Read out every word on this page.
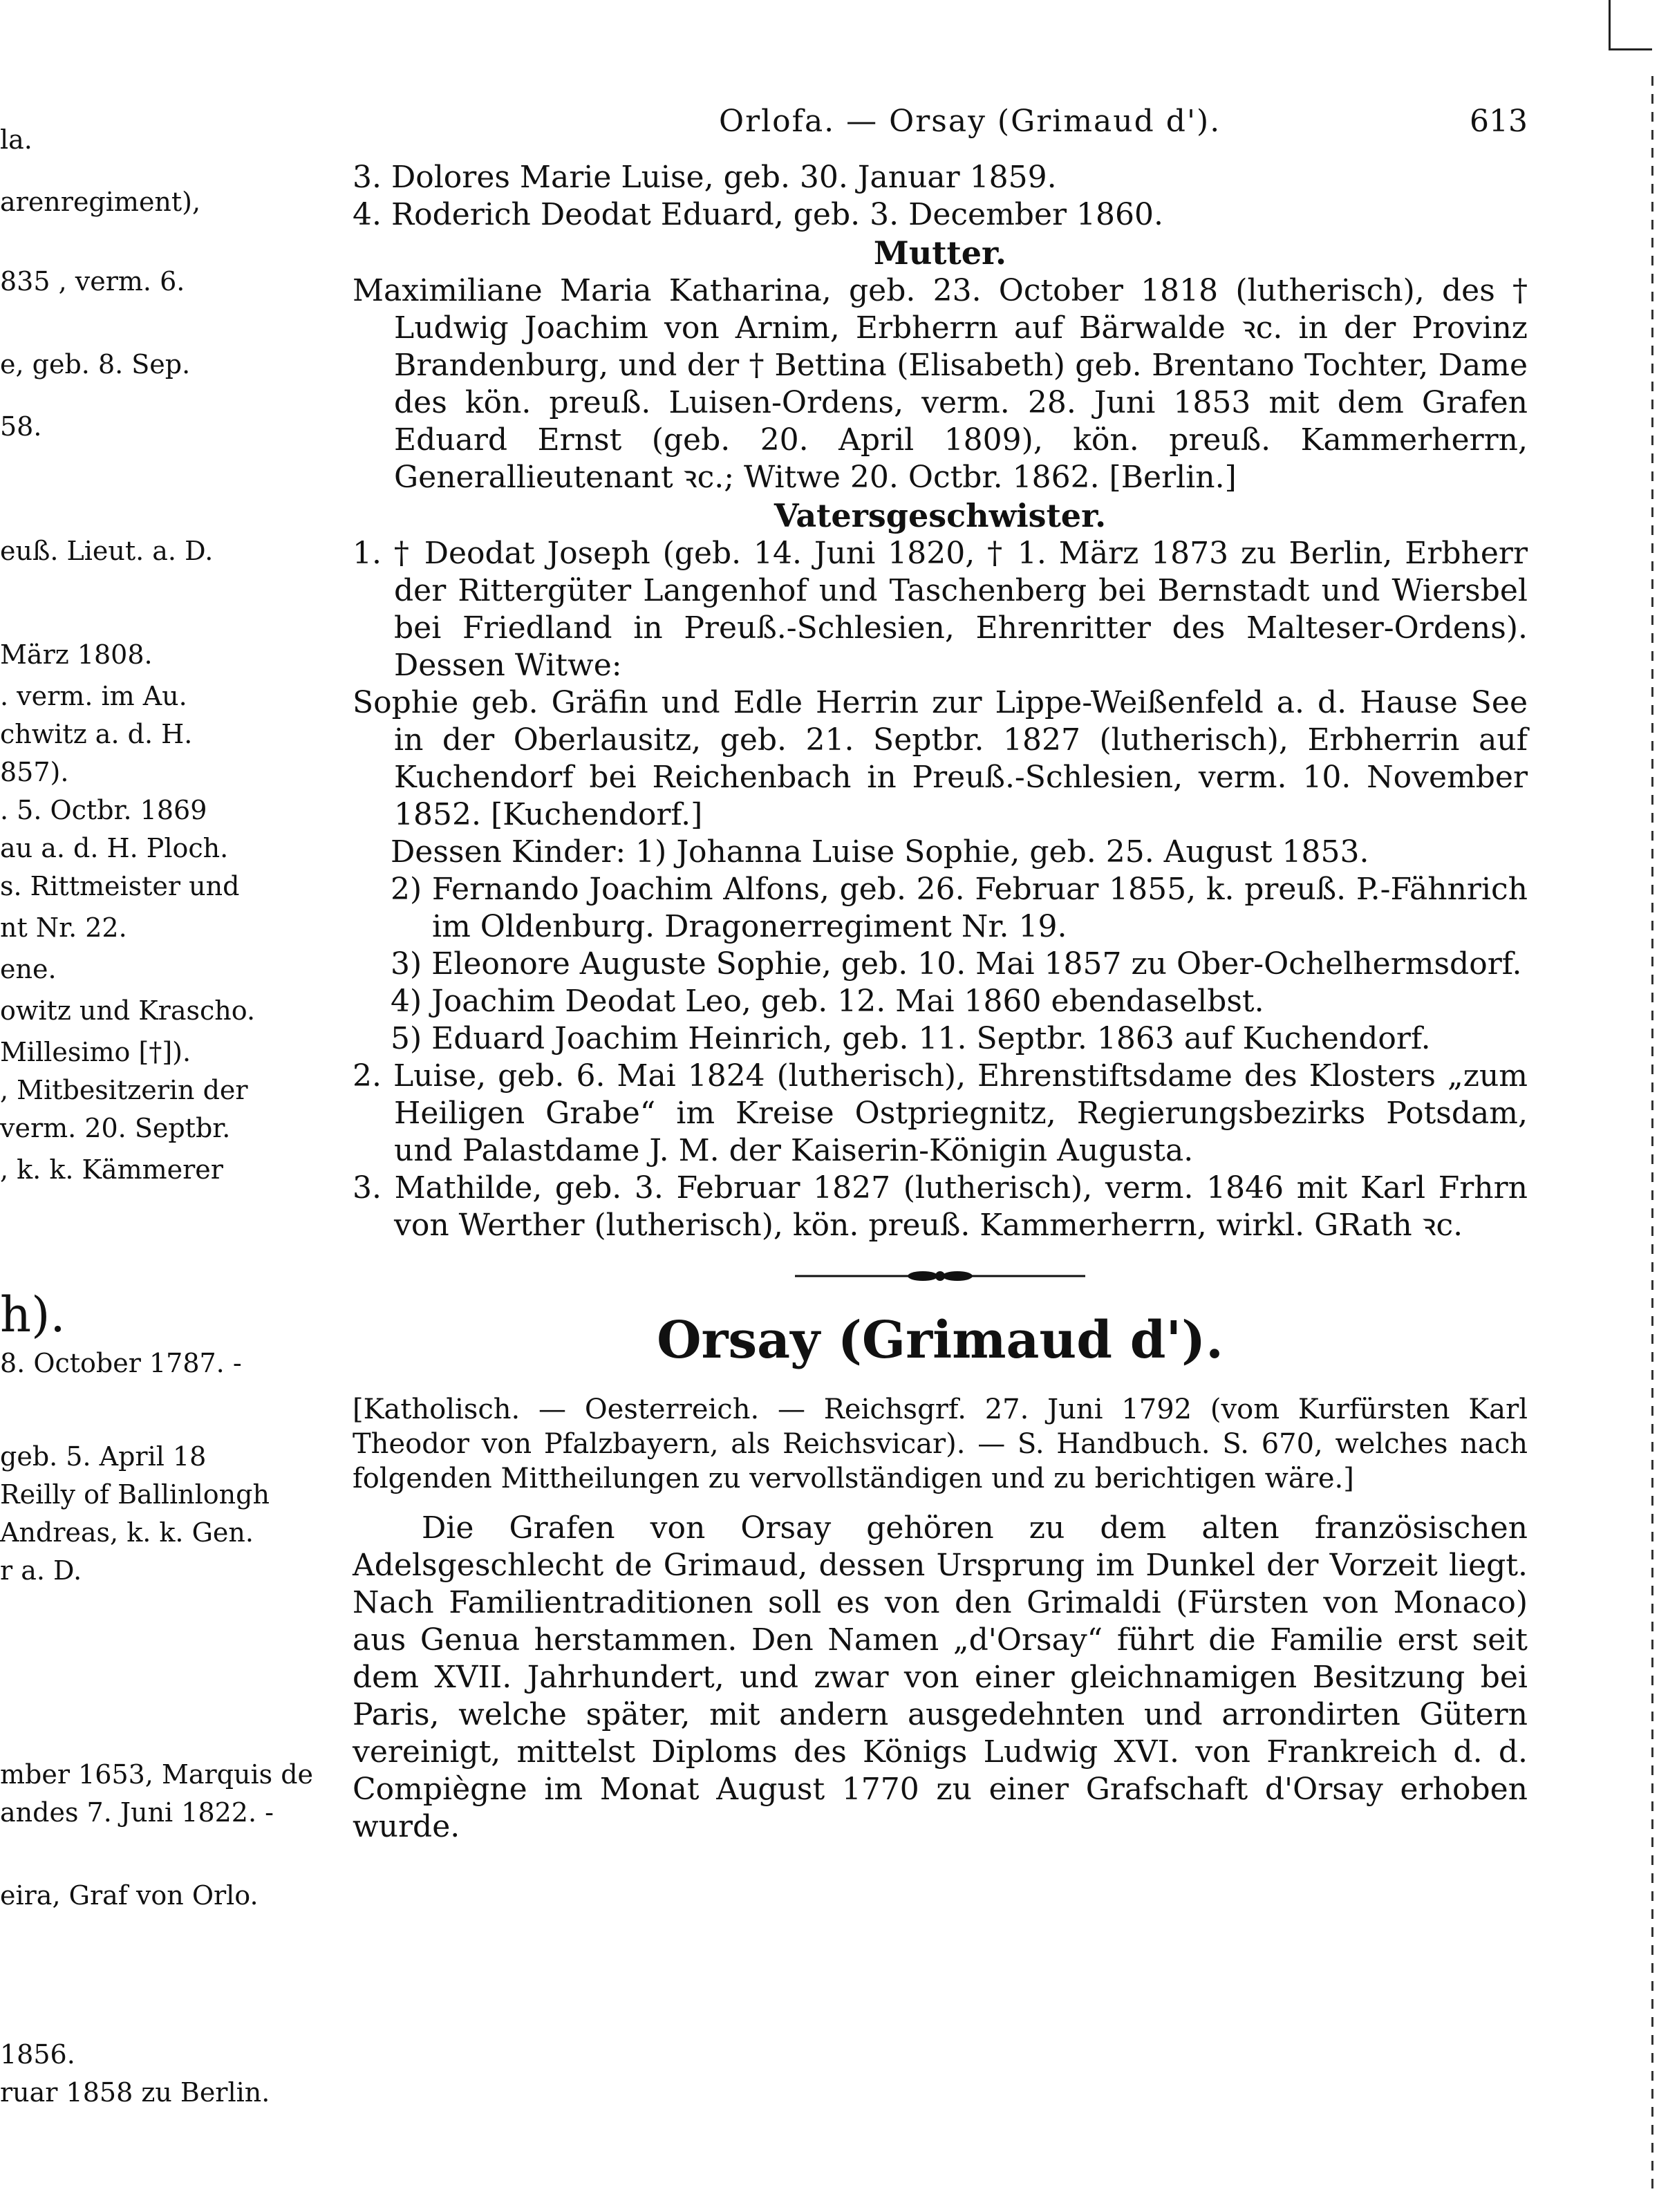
la.
arenregiment),
835 , verm. 6.
e, geb. 8. Sep.
58.
euß. Lieut. a. D.
März 1808.
. verm. im Au.
chwitz a. d. H.
857).
. 5. Octbr. 1869
au a. d. H. Ploch.
s. Rittmeister und
nt Nr. 22.
ene.
owitz und Krascho.
Millesimo [†]).
, Mitbesitzerin der
verm. 20. Septbr.
, k. k. Kämmerer
h).
8. October 1787. -
geb. 5. April 18
Reilly of Ballinlongh
Andreas, k. k. Gen.
r a. D.
mber 1653, Marquis de
andes 7. Juni 1822. -
eira, Graf von Orlo.
1856.
ruar 1858 zu Berlin.
Orlofa. — Orsay (Grimaud d').	613

3. Dolores Marie Luise, geb. 30. Januar 1859.

4. Roderich Deodat Eduard, geb. 3. December 1860.

Mutter.

Maximiliane Maria Katharina, geb. 23. October 1818 (lutherisch), des † Ludwig Joachim von Arnim, Erbherrn auf Bärwalde ꝛc. in der Provinz Brandenburg, und der † Bettina (Elisabeth) geb. Brentano Tochter, Dame des kön. preuß. Luisen-Ordens, verm. 28. Juni 1853 mit dem Grafen Eduard Ernst (geb. 20. April 1809), kön. preuß. Kammerherrn, Generallieutenant ꝛc.; Witwe 20. Octbr. 1862. [Berlin.]

Vatersgeschwister.

1. † Deodat Joseph (geb. 14. Juni 1820, † 1. März 1873 zu Berlin, Erbherr der Rittergüter Langenhof und Taschenberg bei Bernstadt und Wiersbel bei Friedland in Preuß.-Schlesien, Ehrenritter des Malteser-Ordens). Dessen Witwe:

Sophie geb. Gräfin und Edle Herrin zur Lippe-Weißenfeld a. d. Hause See in der Oberlausitz, geb. 21. Septbr. 1827 (lutherisch), Erbherrin auf Kuchendorf bei Reichenbach in Preuß.-Schlesien, verm. 10. November 1852. [Kuchendorf.]

Dessen Kinder: 1) Johanna Luise Sophie, geb. 25. August 1853.

2) Fernando Joachim Alfons, geb. 26. Februar 1855, k. preuß. P.-Fähnrich im Oldenburg. Dragonerregiment Nr. 19.

3) Eleonore Auguste Sophie, geb. 10. Mai 1857 zu Ober-Ochelhermsdorf.

4) Joachim Deodat Leo, geb. 12. Mai 1860 ebendaselbst.

5) Eduard Joachim Heinrich, geb. 11. Septbr. 1863 auf Kuchendorf.

2. Luise, geb. 6. Mai 1824 (lutherisch), Ehrenstiftsdame des Klosters „zum Heiligen Grabe“ im Kreise Ostpriegnitz, Regierungsbezirks Potsdam, und Palastdame J. M. der Kaiserin-Königin Augusta.

3. Mathilde, geb. 3. Februar 1827 (lutherisch), verm. 1846 mit Karl Frhrn von Werther (lutherisch), kön. preuß. Kammerherrn, wirkl. GRath ꝛc.

Orsay (Grimaud d').
[Katholisch. — Oesterreich. — Reichsgrf. 27. Juni 1792 (vom Kurfürsten Karl Theodor von Pfalzbayern, als Reichsvicar). — S. Handbuch. S. 670, welches nach folgenden Mittheilungen zu vervollständigen und zu berichtigen wäre.]
Die Grafen von Orsay gehören zu dem alten französischen Adelsgeschlecht de Grimaud, dessen Ursprung im Dunkel der Vorzeit liegt. Nach Familientraditionen soll es von den Grimaldi (Fürsten von Monaco) aus Genua herstammen. Den Namen „d'Orsay“ führt die Familie erst seit dem XVII. Jahrhundert, und zwar von einer gleichnamigen Besitzung bei Paris, welche später, mit andern ausgedehnten und arrondirten Gütern vereinigt, mittelst Diploms des Königs Ludwig XVI. von Frankreich d. d. Compiègne im Monat August 1770 zu einer Grafschaft d'Orsay erhoben wurde.
